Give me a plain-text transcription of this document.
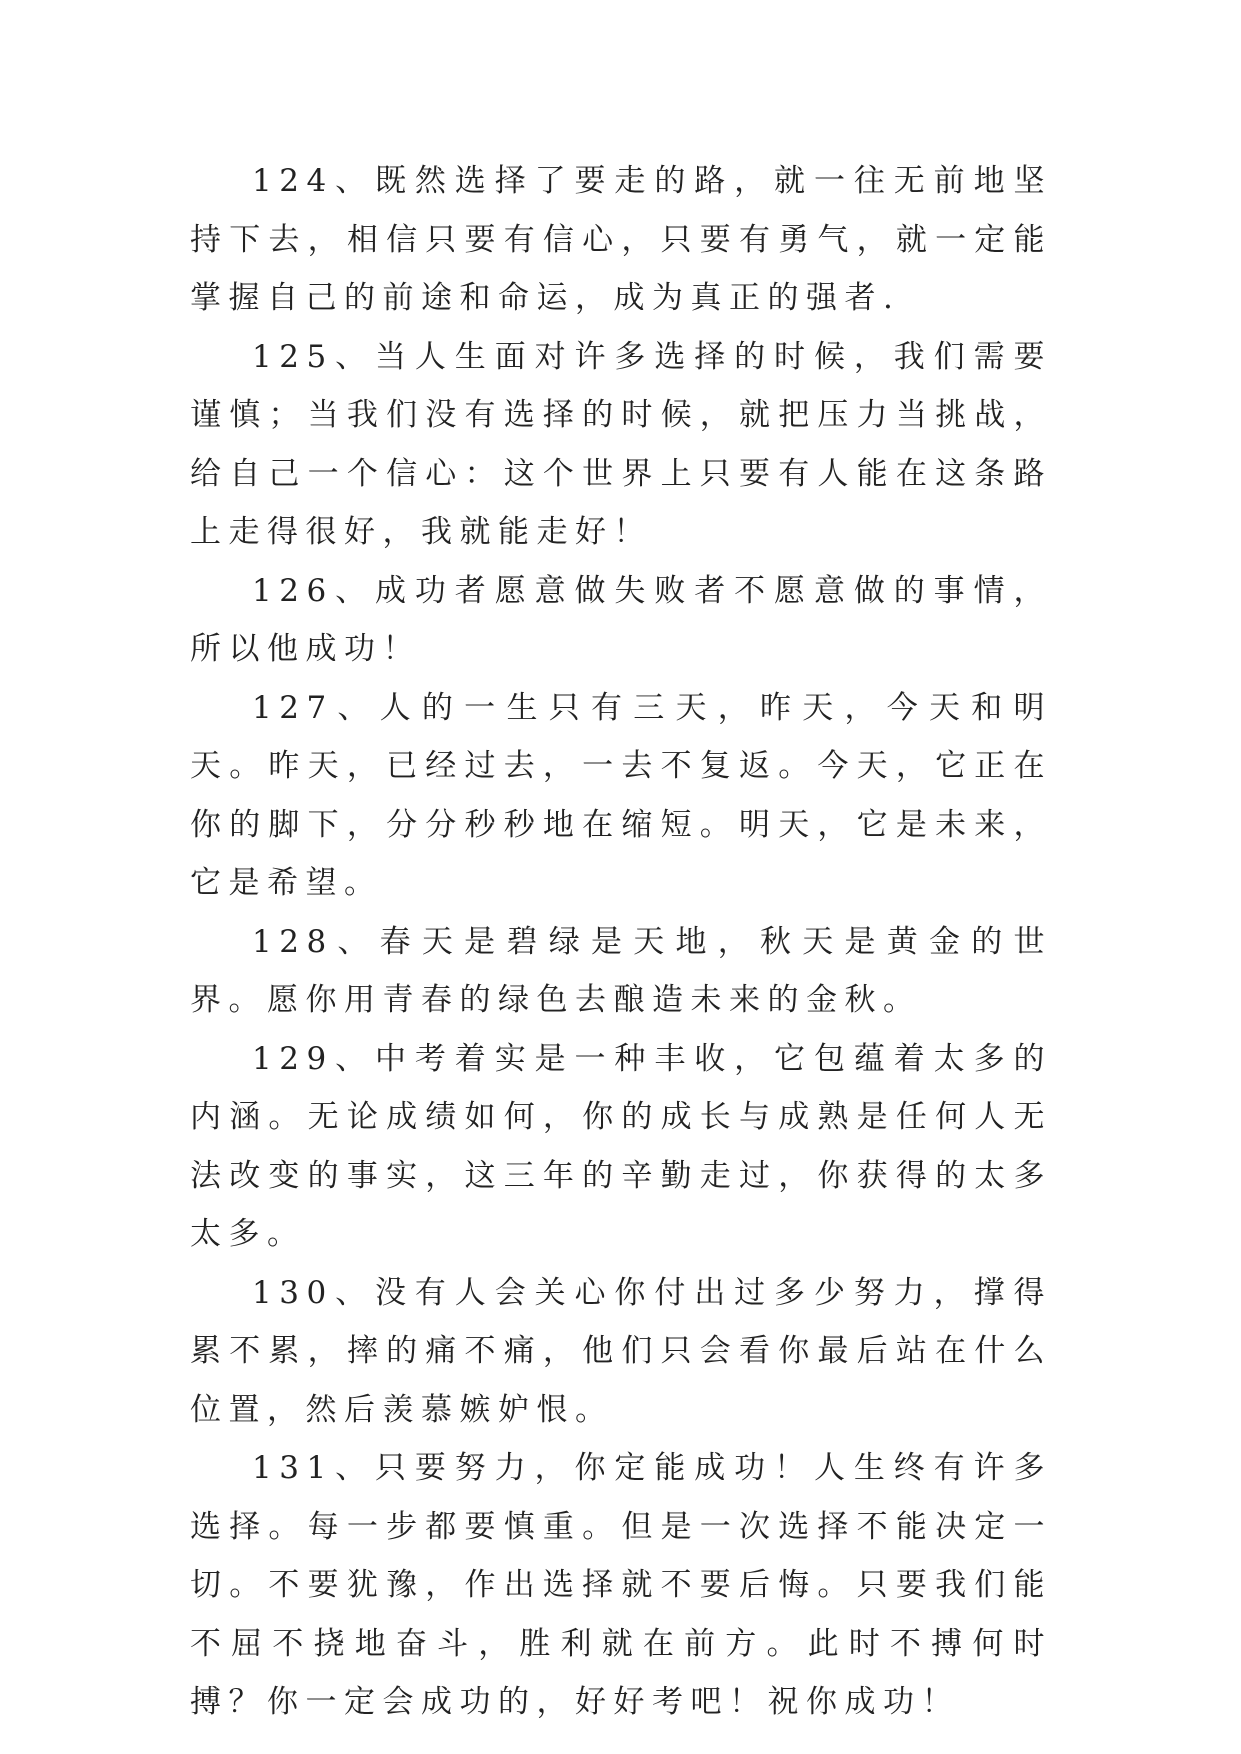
124、既然选择了要走的路，就一往无前地坚持下去，相信只要有信心，只要有勇气，就一定能掌握自己的前途和命运，成为真正的强者.

125、当人生面对许多选择的时候，我们需要谨慎；当我们没有选择的时候，就把压力当挑战，给自己一个信心：这个世界上只要有人能在这条路上走得很好，我就能走好！

126、成功者愿意做失败者不愿意做的事情，所以他成功！

127、人的一生只有三天，昨天，今天和明天。昨天，已经过去，一去不复返。今天，它正在你的脚下，分分秒秒地在缩短。明天，它是未来，它是希望。

128、春天是碧绿是天地，秋天是黄金的世界。愿你用青春的绿色去酿造未来的金秋。

129、中考着实是一种丰收，它包蕴着太多的内涵。无论成绩如何，你的成长与成熟是任何人无法改变的事实，这三年的辛勤走过，你获得的太多太多。

130、没有人会关心你付出过多少努力，撑得累不累，摔的痛不痛，他们只会看你最后站在什么位置，然后羡慕嫉妒恨。

131、只要努力，你定能成功！人生终有许多选择。每一步都要慎重。但是一次选择不能决定一切。不要犹豫，作出选择就不要后悔。只要我们能不屈不挠地奋斗，胜利就在前方。此时不搏何时搏？你一定会成功的，好好考吧！祝你成功！
